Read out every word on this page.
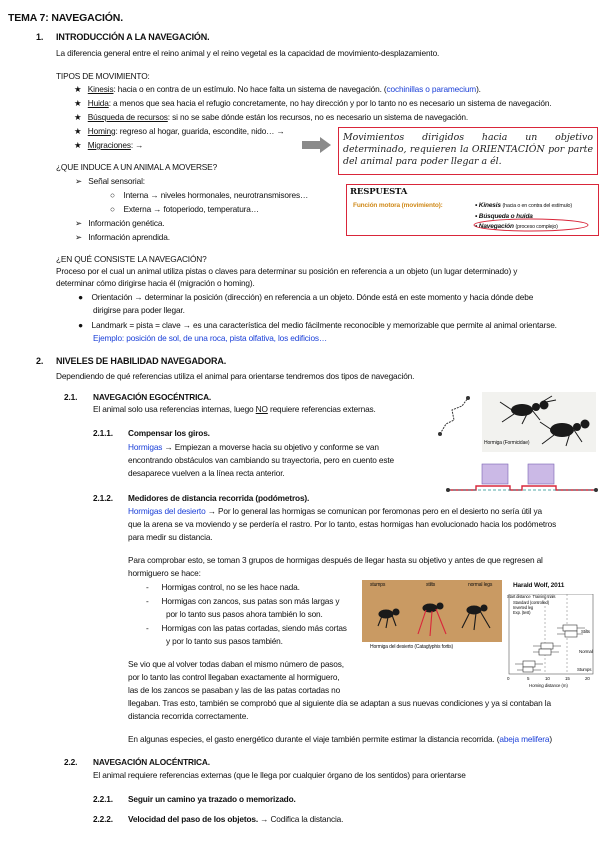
TEMA 7: NAVEGACIÓN.
1. INTRODUCCIÓN A LA NAVEGACIÓN.
La diferencia general entre el reino animal y el reino vegetal es la capacidad de movimiento-desplazamiento.
TIPOS DE MOVIMIENTO:
★ Kinesis: hacia o en contra de un estímulo. No hace falta un sistema de navegación. (cochinillas o paramecium).
★ Huida: a menos que sea hacia el refugio concretamente, no hay dirección y por lo tanto no es necesario un sistema de navegación.
★ Búsqueda de recursos: si no se sabe dónde están los recursos, no es necesario un sistema de navegación.
★ Homing: regreso al hogar, guarida, escondite, nido… →
★ Migraciones: →
Movimientos dirigidos hacia un objetivo determinado, requieren la ORIENTACIÓN por parte del animal para poder llegar a él.
¿QUE INDUCE A UN ANIMAL A MOVERSE?
➢   Señal sensorial:
○    Interna → niveles hormonales, neurotransmisores…
○    Externa → fotoperiodo, temperatura…
➢   Información genética.
➢   Información aprendida.
RESPUESTA
Función motora (movimiento):	• Kinesis (hacia o en contra del estímulo)
• Búsqueda o huida
• Navegación (proceso complejo)
¿EN QUÉ CONSISTE LA NAVEGACIÓN?
Proceso por el cual un animal utiliza pistas o claves para determinar su posición en referencia a un objeto (un lugar determinado) y
determinar cómo dirigirse hacia él (migración o homing).
●    Orientación → determinar la posición (dirección) en referencia a un objeto. Dónde está en este momento y hacia dónde debe
dirigirse para poder llegar.
●    Landmark = pista = clave → es una característica del medio fácilmente reconocible y memorizable que permite al animal orientarse.
Ejemplo: posición de sol, de una roca, pista olfativa, los edificios…
2. NIVELES DE HABILIDAD NAVEGADORA.
Dependiendo de qué referencias utiliza el animal para orientarse tendremos dos tipos de navegación.
2.1. NAVEGACIÓN EGOCÉNTRICA.
El animal solo usa referencias internas, luego NO requiere referencias externas.
2.1.1. Compensar los giros.
Hormigas → Empiezan a moverse hacia su objetivo y conforme se van
encontrando obstáculos van cambiando su trayectoria, pero en cuento este
desaparece vuelven a la línea recta anterior.
Hormiga (Formicidae)
2.1.2. Medidores de distancia recorrida (podómetros).
Hormigas del desierto → Por lo general las hormigas se comunican por feromonas pero en el desierto no sería útil ya
que la arena se va moviendo y se perdería el rastro. Por lo tanto, estas hormigas han evolucionado hacia los podómetros
para medir su distancia.
Para comprobar esto, se toman 3 grupos de hormigas después de llegar hasta su objetivo y antes de que regresen al
hormiguero se hace:
-      Hormigas control, no se les hace nada.
-      Hormigas con zancos, sus patas son más largas y
por lo tanto sus pasos ahora también lo son.
-      Hormigas con las patas cortadas, siendo más cortas
y por lo tanto sus pasos también.
stumps	stilts	normal legs
Hormiga del desierto (Cataglyphis fortis)
Harald Wolf, 2011
Start distance Training trials
Standard (controlled)
Inverted leg
Exp. (test)
Stilts
Normal
Stumps
0	5	10	15	20
Homing distance (m)
Se vio que al volver todas daban el mismo número de pasos,
por lo tanto las control llegaban exactamente al hormiguero,
las de los zancos se pasaban y las de las patas cortadas no
llegaban. Tras esto, también se comprobó que al siguiente día se adaptan a sus nuevas condiciones y ya si contaban la
distancia recorrida correctamente.
En algunas especies, el gasto energético durante el viaje también permite estimar la distancia recorrida. (abeja melifera)
2.2. NAVEGACIÓN ALOCÉNTRICA.
El animal requiere referencias externas (que le llega por cualquier órgano de los sentidos) para orientarse
2.2.1. Seguir un camino ya trazado o memorizado.
2.2.2. Velocidad del paso de los objetos. → Codifica la distancia.
